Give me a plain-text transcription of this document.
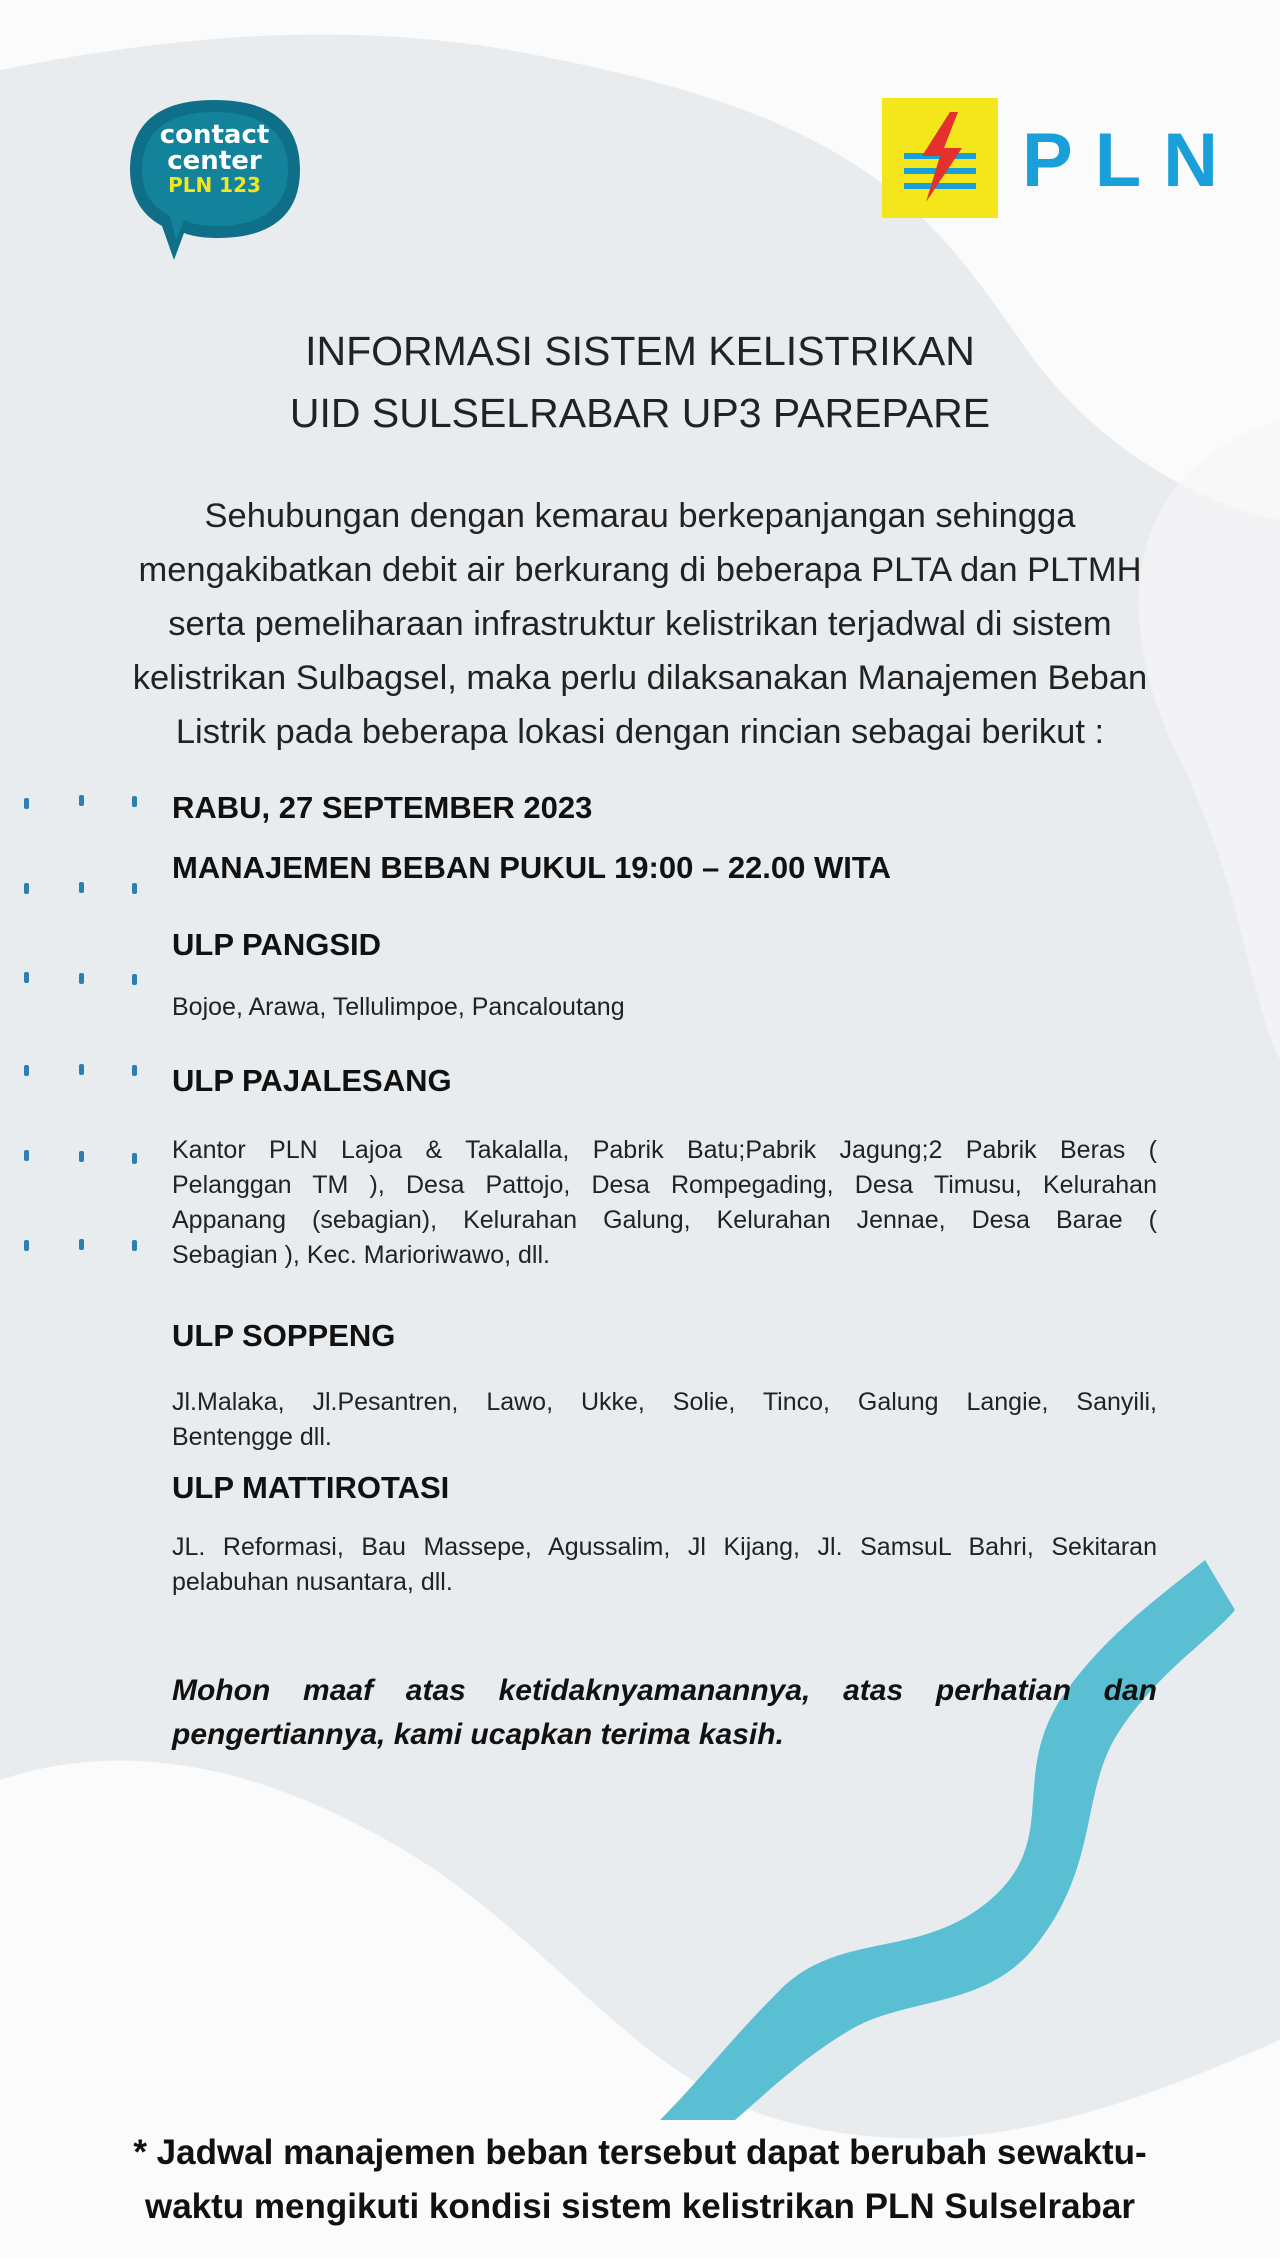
contact
center
PLN 123	PLN
INFORMASI SISTEM KELISTRIKAN
UID SULSELRABAR UP3 PAREPARE
Sehubungan dengan kemarau berkepanjangan sehingga
mengakibatkan debit air berkurang di beberapa PLTA dan PLTMH
serta pemeliharaan infrastruktur kelistrikan terjadwal di sistem
kelistrikan Sulbagsel, maka perlu dilaksanakan Manajemen Beban
Listrik pada beberapa lokasi dengan rincian sebagai berikut :
RABU, 27 SEPTEMBER 2023
MANAJEMEN BEBAN PUKUL 19:00 – 22.00 WITA
ULP PANGSID
Bojoe, Arawa, Tellulimpoe, Pancaloutang
ULP PAJALESANG
Kantor PLN Lajoa & Takalalla, Pabrik Batu;Pabrik Jagung;2 Pabrik Beras (
Pelanggan TM ), Desa Pattojo, Desa Rompegading, Desa Timusu, Kelurahan
Appanang (sebagian), Kelurahan Galung, Kelurahan Jennae, Desa Barae (
Sebagian ), Kec. Marioriwawo, dll.
ULP SOPPENG
Jl.Malaka, Jl.Pesantren, Lawo, Ukke, Solie, Tinco, Galung Langie, Sanyili,
Bentengge dll.
ULP MATTIROTASI
JL. Reformasi, Bau Massepe, Agussalim, Jl Kijang, Jl. SamsuL Bahri, Sekitaran
pelabuhan nusantara, dll.
Mohon maaf atas ketidaknyamanannya, atas perhatian dan
pengertiannya, kami ucapkan terima kasih.
* Jadwal manajemen beban tersebut dapat berubah sewaktu-
waktu mengikuti kondisi sistem kelistrikan PLN Sulselrabar
